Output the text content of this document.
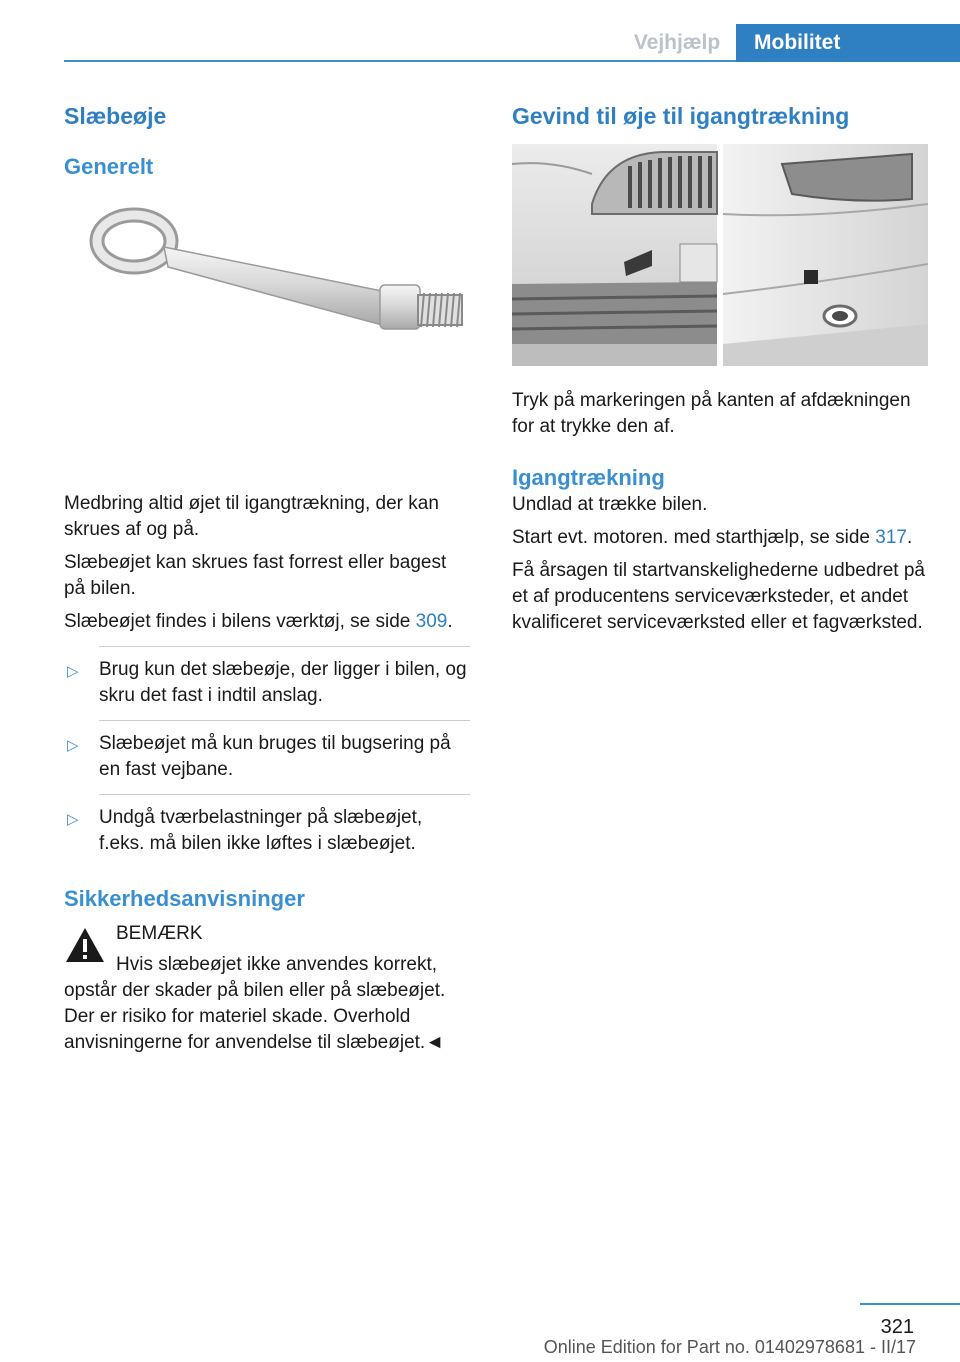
Vejhjælp	Mobilitet
Slæbeøje
Generelt

Medbring altid øjet til igangtrækning, der kan skrues af og på.

Slæbeøjet kan skrues fast forrest eller bagest på bilen.

Slæbeøjet findes i bilens værktøj, se side 309.

▷ Brug kun det slæbeøje, der ligger i bilen, og skru det fast i indtil anslag.
▷ Slæbeøjet må kun bruges til bugsering på en fast vejbane.
▷ Undgå tværbelastninger på slæbeøjet, f.eks. må bilen ikke løftes i slæbeøjet.
Sikkerhedsanvisninger
BEMÆRK

Hvis slæbeøjet ikke anvendes korrekt, opstår der skader på bilen eller på slæbeøjet. Der er risiko for materiel skade. Overhold anvisningerne for anvendelse til slæbeøjet.◄

Gevind til øje til igangtrækning

Tryk på markeringen på kanten af afdækningen for at trykke den af.

Igangtrækning

Undlad at trække bilen.

Start evt. motoren. med starthjælp, se side 317.

Få årsagen til startvanskelighederne udbedret på et af producentens serviceværksteder, et andet kvalificeret serviceværksted eller et fagværksted.

321
Online Edition for Part no. 01402978681 - II/17
